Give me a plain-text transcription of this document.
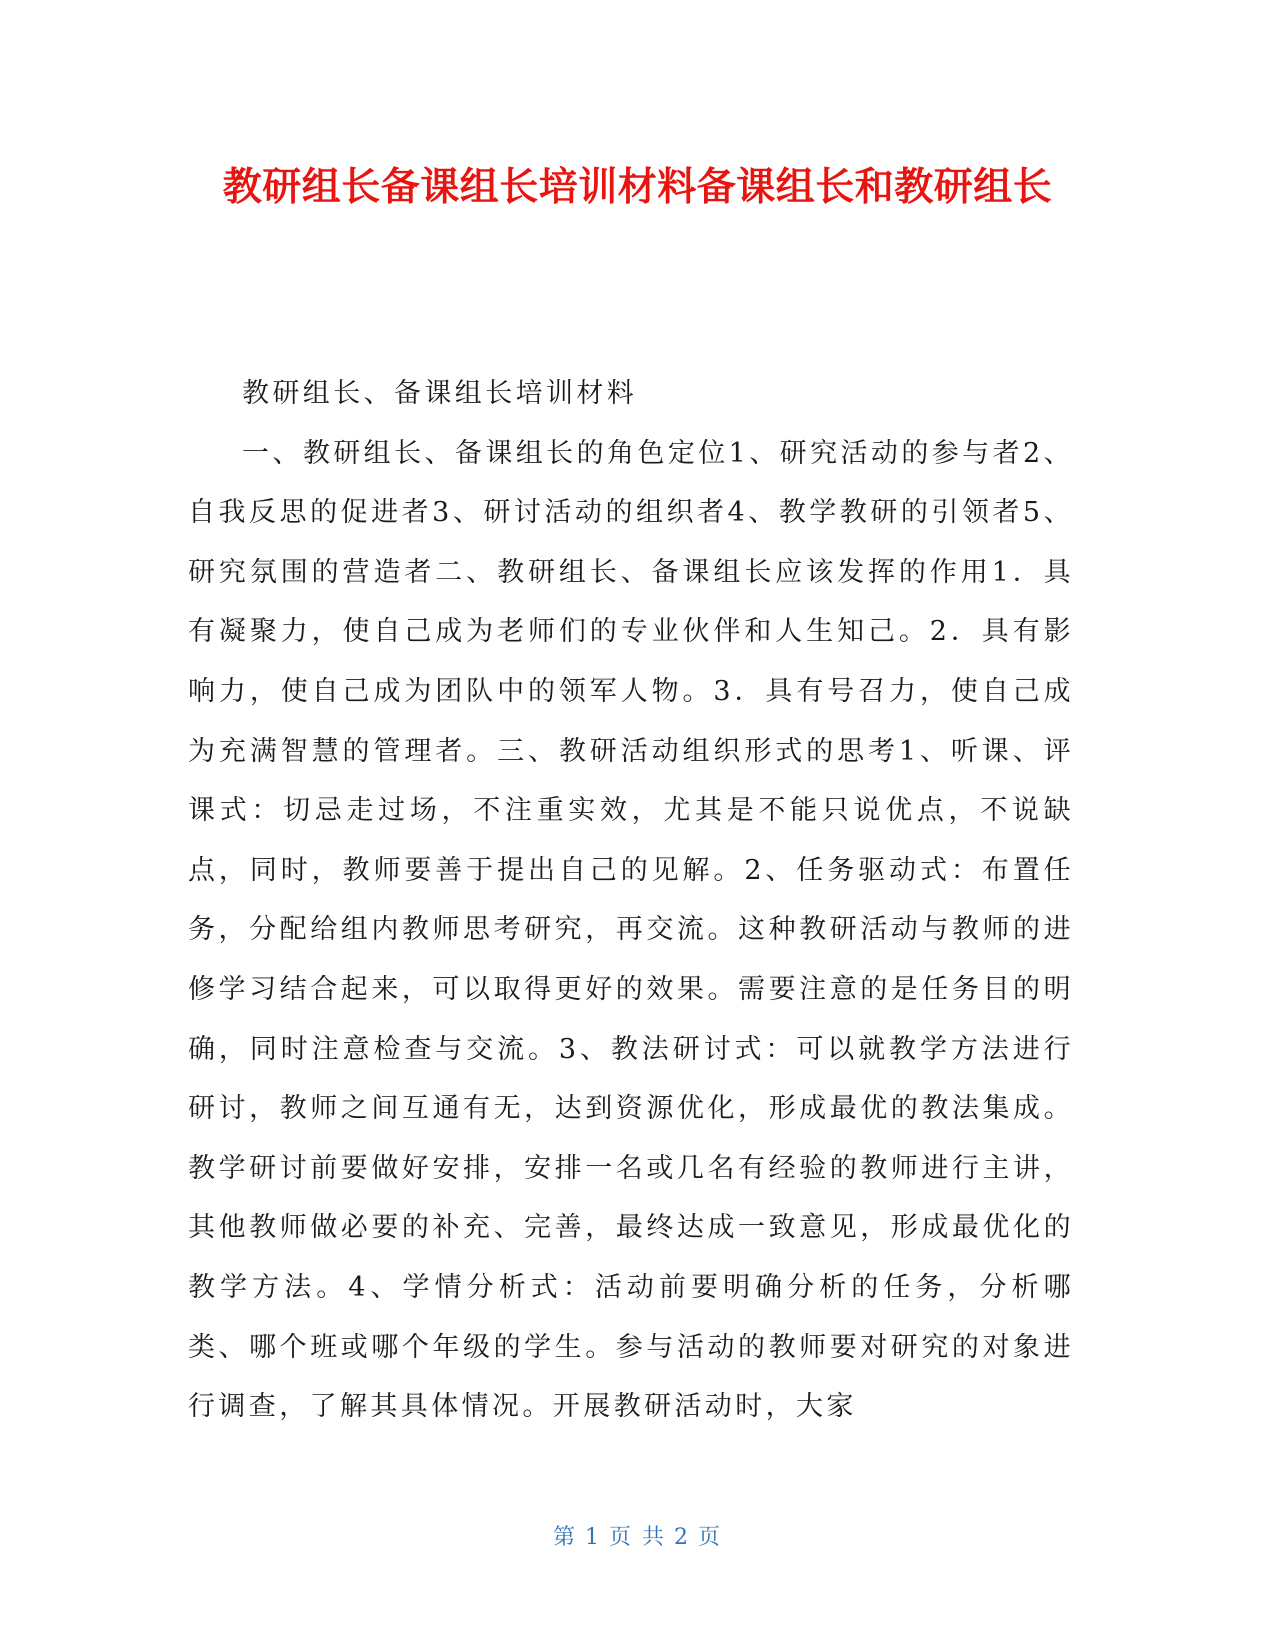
教研组长备课组长培训材料备课组长和教研组长

教研组长、备课组长培训材料

一、教研组长、备课组长的角色定位1、研究活动的参与者2、自我反思的促进者3、研讨活动的组织者4、教学教研的引领者5、研究氛围的营造者二、教研组长、备课组长应该发挥的作用1．具有凝聚力，使自己成为老师们的专业伙伴和人生知己。2．具有影响力，使自己成为团队中的领军人物。3．具有号召力，使自己成为充满智慧的管理者。三、教研活动组织形式的思考1、听课、评课式：切忌走过场，不注重实效，尤其是不能只说优点，不说缺点，同时，教师要善于提出自己的见解。2、任务驱动式：布置任务，分配给组内教师思考研究，再交流。这种教研活动与教师的进修学习结合起来，可以取得更好的效果。需要注意的是任务目的明确，同时注意检查与交流。3、教法研讨式：可以就教学方法进行研讨，教师之间互通有无，达到资源优化，形成最优的教法集成。教学研讨前要做好安排，安排一名或几名有经验的教师进行主讲，其他教师做必要的补充、完善，最终达成一致意见，形成最优化的教学方法。4、学情分析式：活动前要明确分析的任务，分析哪类、哪个班或哪个年级的学生。参与活动的教师要对研究的对象进行调查，了解其具体情况。开展教研活动时，大家

第 1 页 共 2 页
